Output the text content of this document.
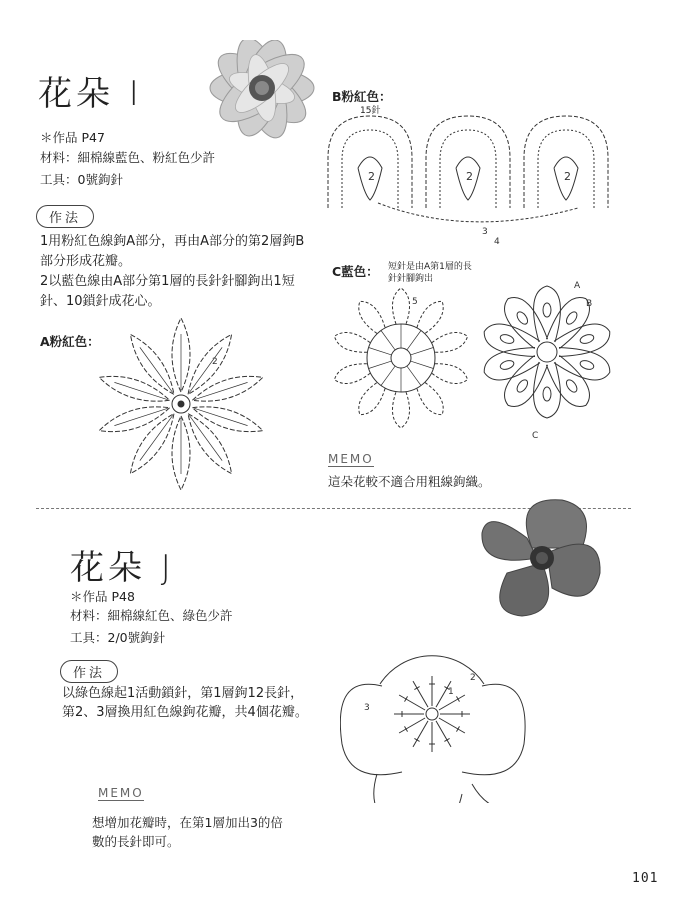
花朵 I
＊作品 P47
材料：細棉線藍色、粉紅色少許
工具：0號鉤針
作法
1用粉紅色線鉤A部分，再由A部分的第2層鉤B部分形成花瓣。
2以藍色線由A部分第1層的長針針腳鉤出1短針、10鎖針成花心。
A粉紅色：
2
B粉紅色：
15針
2	2	2
3
4
C藍色： 短針是由A第1層的長
針針腳鉤出
5
A
B
C
MEMO
這朵花較不適合用粗線鉤織。
花朵 J
＊作品 P48
材料：細棉線紅色、綠色少許
工具：2/0號鉤針
作法
以綠色線起1活動鎖針，第1層鉤12長針，
第2、3層換用紅色線鉤花瓣，共4個花瓣。	3
1
2
MEMO
想增加花瓣時，在第1層加出3的倍
數的長針即可。
101
